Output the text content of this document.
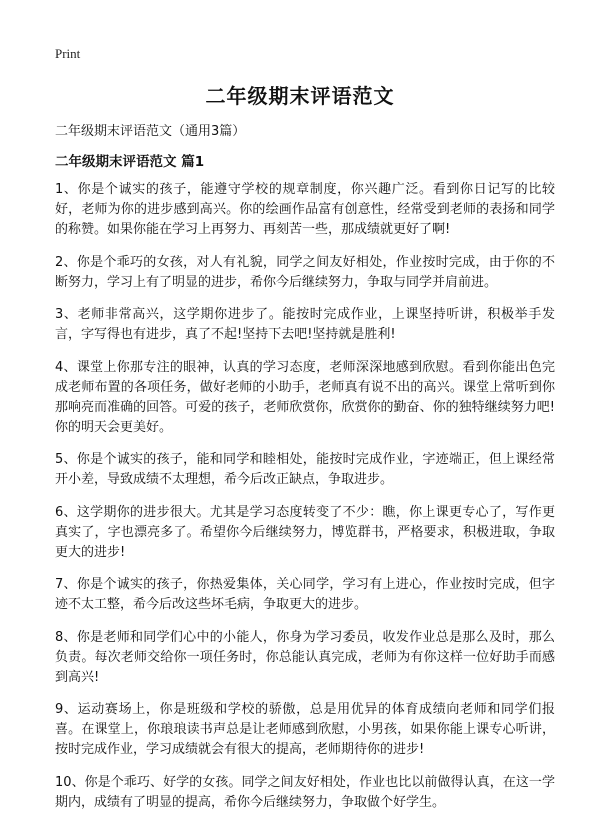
Print
二年级期末评语范文

二年级期末评语范文（通用3篇）

二年级期末评语范文 篇1

1、你是个诚实的孩子，能遵守学校的规章制度，你兴趣广泛。看到你日记写的比较好，老师为你的进步感到高兴。你的绘画作品富有创意性，经常受到老师的表扬和同学的称赞。如果你能在学习上再努力、再刻苦一些，那成绩就更好了啊!

2、你是个乖巧的女孩，对人有礼貌，同学之间友好相处，作业按时完成，由于你的不断努力，学习上有了明显的进步，希你今后继续努力，争取与同学并肩前进。

3、老师非常高兴，这学期你进步了。能按时完成作业，上课坚持听讲，积极举手发言，字写得也有进步，真了不起!坚持下去吧!坚持就是胜利!

4、课堂上你那专注的眼神，认真的学习态度，老师深深地感到欣慰。看到你能出色完成老师布置的各项任务，做好老师的小助手，老师真有说不出的高兴。课堂上常听到你那响亮而准确的回答。可爱的孩子，老师欣赏你，欣赏你的勤奋、你的独特继续努力吧!你的明天会更美好。

5、你是个诚实的孩子，能和同学和睦相处，能按时完成作业，字迹端正，但上课经常开小差，导致成绩不太理想，希今后改正缺点，争取进步。

6、这学期你的进步很大。尤其是学习态度转变了不少：瞧，你上课更专心了，写作更真实了，字也漂亮多了。希望你今后继续努力，博览群书，严格要求，积极进取，争取更大的进步!

7、你是个诚实的孩子，你热爱集体，关心同学，学习有上进心，作业按时完成，但字迹不太工整，希今后改这些坏毛病，争取更大的进步。

8、你是老师和同学们心中的小能人，你身为学习委员，收发作业总是那么及时，那么负责。每次老师交给你一项任务时，你总能认真完成，老师为有你这样一位好助手而感到高兴!

9、运动赛场上，你是班级和学校的骄傲，总是用优异的体育成绩向老师和同学们报喜。在课堂上，你琅琅读书声总是让老师感到欣慰，小男孩，如果你能上课专心听讲，按时完成作业，学习成绩就会有很大的提高，老师期待你的进步!

10、你是个乖巧、好学的女孩。同学之间友好相处，作业也比以前做得认真，在这一学期内，成绩有了明显的提高，希你今后继续努力，争取做个好学生。
